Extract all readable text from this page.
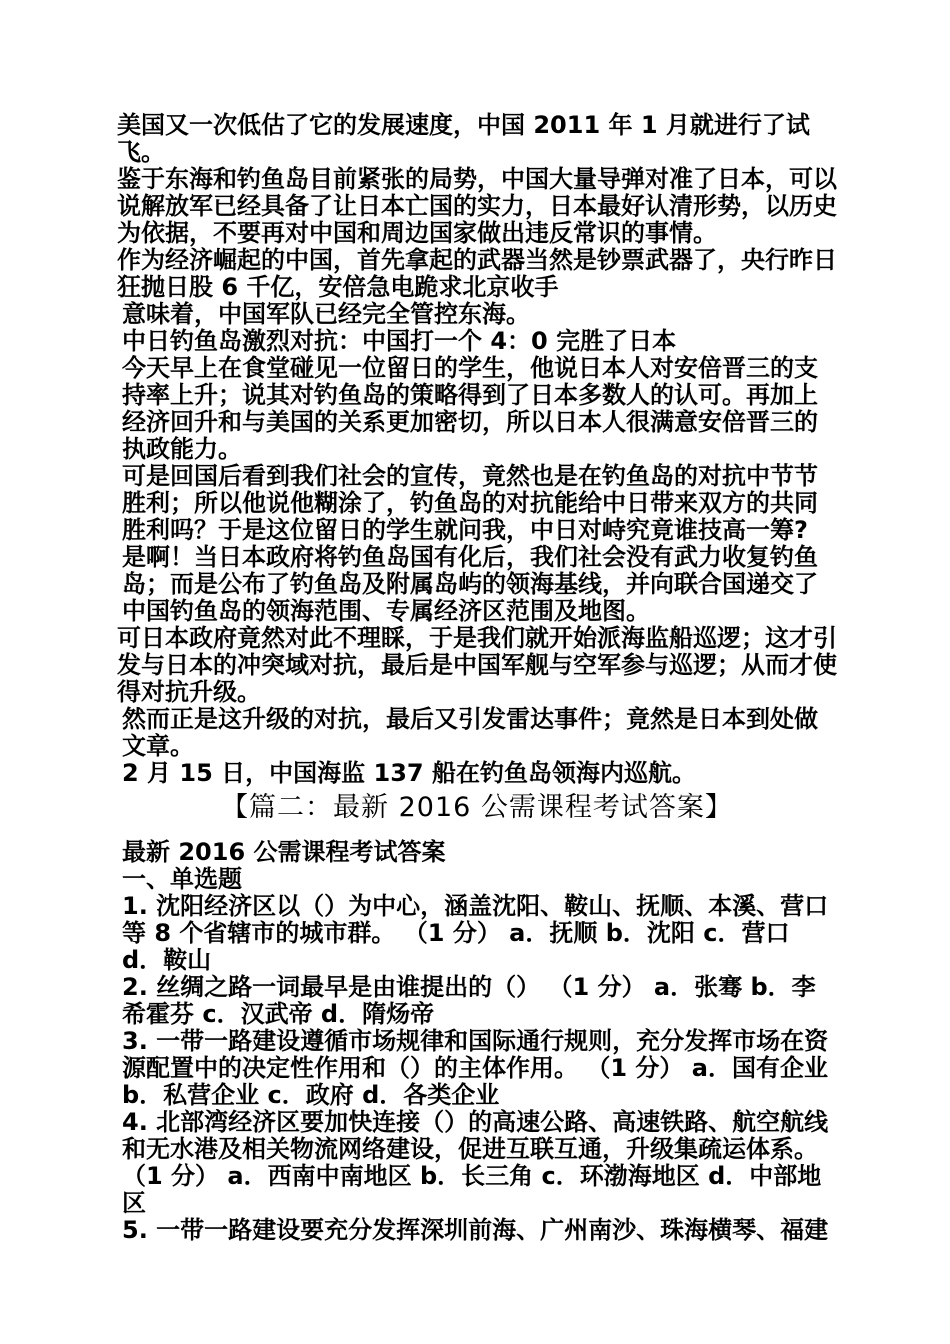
美国又一次低估了它的发展速度，中国 2011 年 1 月就进行了试飞。

鉴于东海和钓鱼岛目前紧张的局势，中国大量导弹对准了日本，可以说解放军已经具备了让日本亡国的实力，日本最好认清形势，以历史为依据，不要再对中国和周边国家做出违反常识的事情。

作为经济崛起的中国，首先拿起的武器当然是钞票武器了，央行昨日狂抛日股 6 千亿，安倍急电跪求北京收手

意味着，中国军队已经完全管控东海。

中日钓鱼岛激烈对抗：中国打一个 4：0 完胜了日本

今天早上在食堂碰见一位留日的学生，他说日本人对安倍晋三的支持率上升；说其对钓鱼岛的策略得到了日本多数人的认可。再加上经济回升和与美国的关系更加密切，所以日本人很满意安倍晋三的执政能力。

可是回国后看到我们社会的宣传，竟然也是在钓鱼岛的对抗中节节胜利；所以他说他糊涂了，钓鱼岛的对抗能给中日带来双方的共同胜利吗？于是这位留日的学生就问我，中日对峙究竟谁技高一筹?

是啊！当日本政府将钓鱼岛国有化后，我们社会没有武力收复钓鱼岛；而是公布了钓鱼岛及附属岛屿的领海基线，并向联合国递交了中国钓鱼岛的领海范围、专属经济区范围及地图。

可日本政府竟然对此不理睬，于是我们就开始派海监船巡逻；这才引发与日本的冲突域对抗，最后是中国军舰与空军参与巡逻；从而才使得对抗升级。

然而正是这升级的对抗，最后又引发雷达事件；竟然是日本到处做文章。

2 月 15 日，中国海监 137 船在钓鱼岛领海内巡航。

【篇二：最新 2016 公需课程考试答案】

最新 2016 公需课程考试答案

一、单选题

1. 沈阳经济区以（）为中心，涵盖沈阳、鞍山、抚顺、本溪、营口等 8 个省辖市的城市群。 （1 分） a．抚顺 b．沈阳 c．营口 d．鞍山

2. 丝绸之路一词最早是由谁提出的（） （1 分） a．张骞 b．李希霍芬 c．汉武帝 d．隋炀帝

3. 一带一路建设遵循市场规律和国际通行规则，充分发挥市场在资源配置中的决定性作用和（）的主体作用。 （1 分） a．国有企业 b．私营企业 c．政府 d．各类企业

4. 北部湾经济区要加快连接（）的高速公路、高速铁路、航空航线和无水港及相关物流网络建设，促进互联互通，升级集疏运体系。 （1 分） a．西南中南地区 b．长三角 c．环渤海地区 d．中部地区

5. 一带一路建设要充分发挥深圳前海、广州南沙、珠海横琴、福建
